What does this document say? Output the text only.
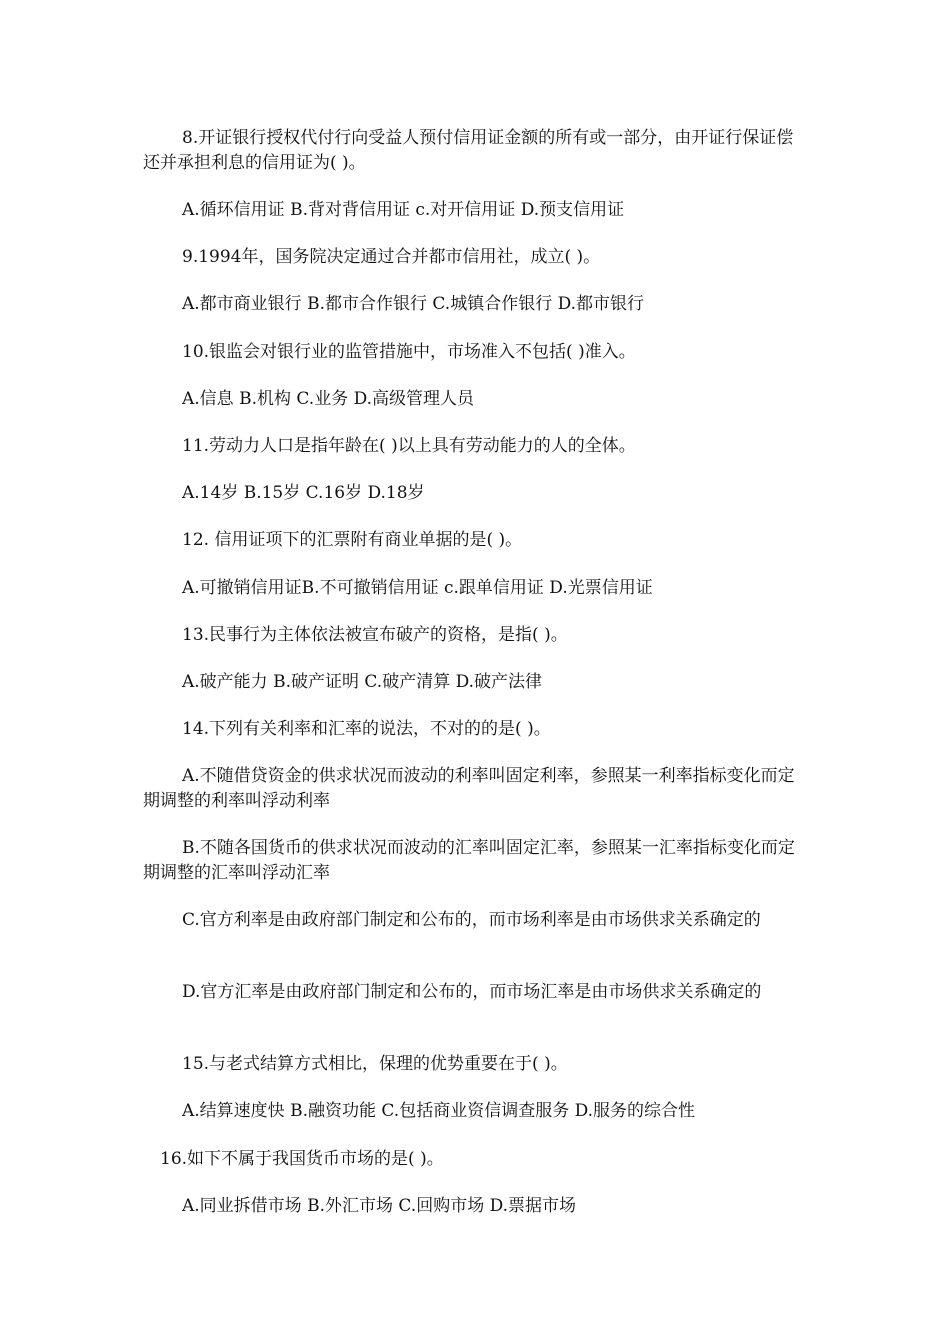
8.开证银行授权代付行向受益人预付信用证金额的所有或一部分，由开证行保证偿还并承担利息的信用证为( )。
A.循环信用证 B.背对背信用证 c.对开信用证 D.预支信用证
9.1994年，国务院决定通过合并都市信用社，成立( )。
A.都市商业银行 B.都市合作银行 C.城镇合作银行 D.都市银行
10.银监会对银行业的监管措施中，市场准入不包括( )准入。
A.信息 B.机构 C.业务 D.高级管理人员
11.劳动力人口是指年龄在( )以上具有劳动能力的人的全体。
A.14岁 B.15岁 C.16岁 D.18岁
12. 信用证项下的汇票附有商业单据的是( )。
A.可撤销信用证B.不可撤销信用证 c.跟单信用证 D.光票信用证
13.民事行为主体依法被宣布破产的资格，是指( )。
A.破产能力 B.破产证明 C.破产清算 D.破产法律
14.下列有关利率和汇率的说法，不对的的是( )。
A.不随借贷资金的供求状况而波动的利率叫固定利率，参照某一利率指标变化而定期调整的利率叫浮动利率
B.不随各国货币的供求状况而波动的汇率叫固定汇率，参照某一汇率指标变化而定期调整的汇率叫浮动汇率
C.官方利率是由政府部门制定和公布的，而市场利率是由市场供求关系确定的
D.官方汇率是由政府部门制定和公布的，而市场汇率是由市场供求关系确定的
15.与老式结算方式相比，保理的优势重要在于( )。
A.结算速度快 B.融资功能 C.包括商业资信调查服务 D.服务的综合性
16.如下不属于我国货币市场的是( )。
A.同业拆借市场 B.外汇市场 C.回购市场 D.票据市场
